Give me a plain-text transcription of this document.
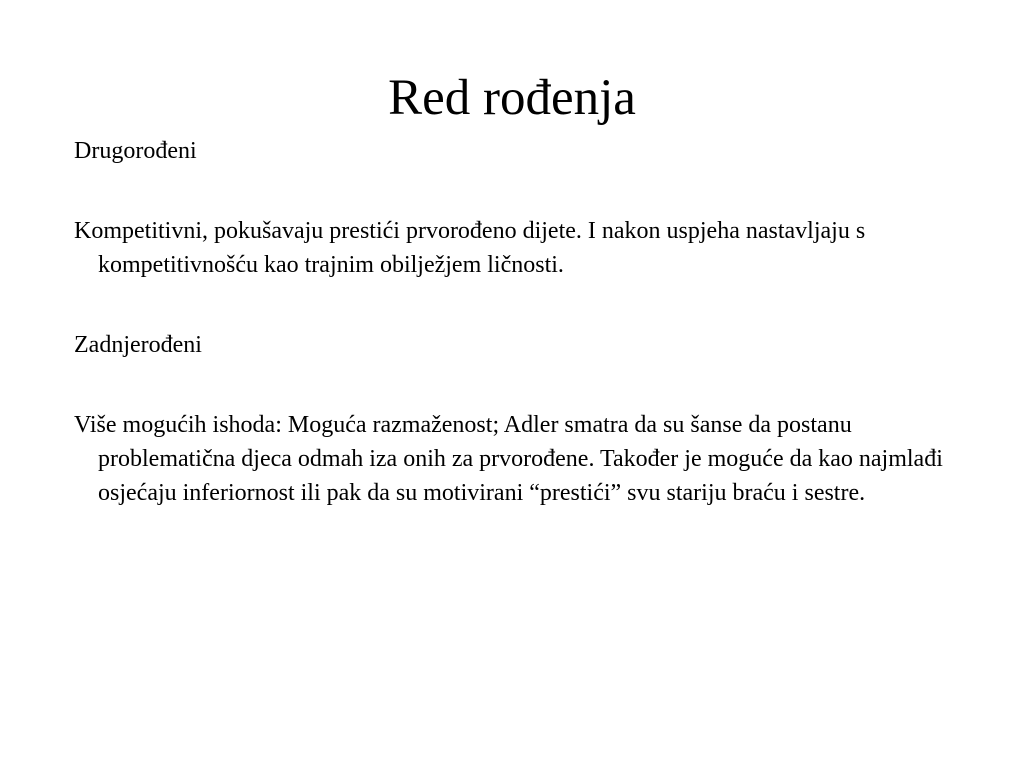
Red rođenja

Drugorođeni

Kompetitivni, pokušavaju prestići prvorođeno dijete. I nakon uspjeha nastavljaju s kompetitivnošću kao trajnim obilježjem ličnosti.

Zadnjerođeni

Više mogućih ishoda: Moguća razmaženost; Adler smatra da su šanse da postanu problematična djeca odmah iza onih za prvorođene. Također je moguće da kao najmlađi osjećaju inferiornost ili pak da su motivirani “prestići” svu stariju braću i sestre.
